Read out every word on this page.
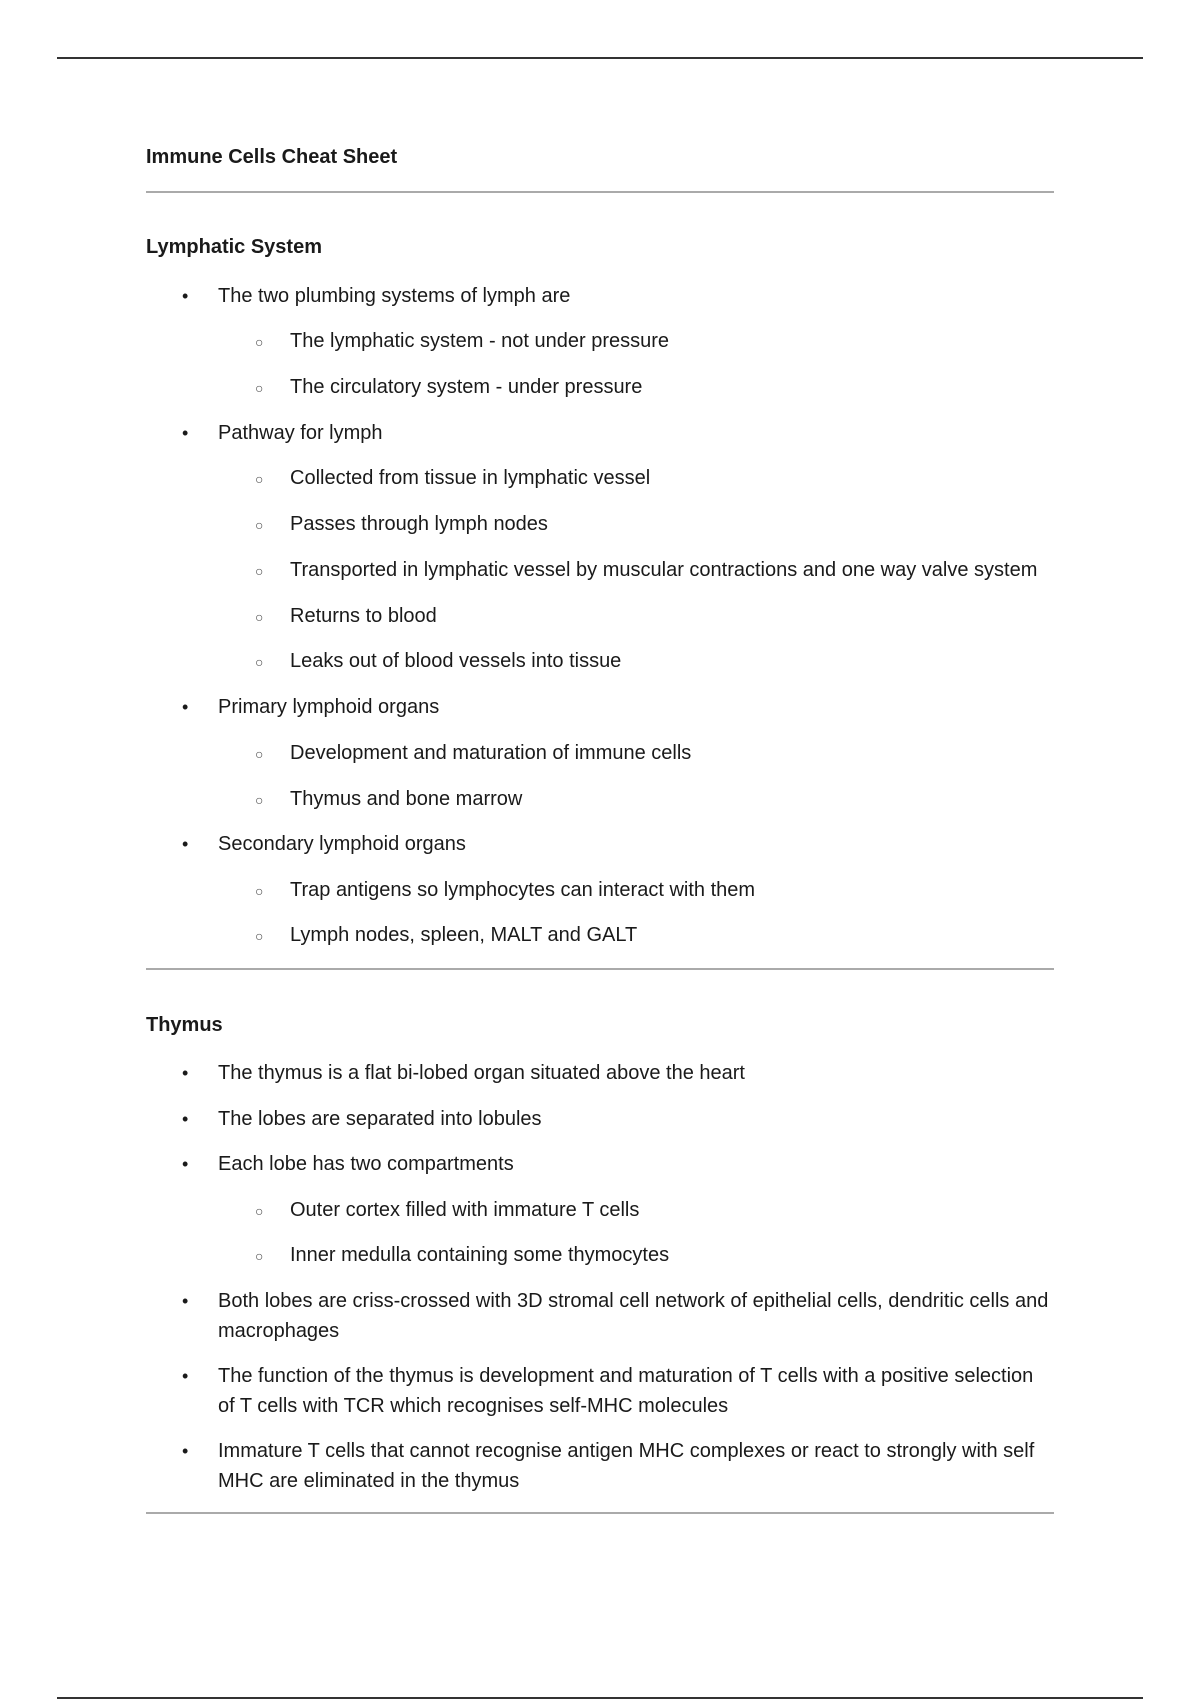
Immune Cells Cheat Sheet
Lymphatic System
• The two plumbing systems of lymph are
○ The lymphatic system - not under pressure
○ The circulatory system - under pressure
• Pathway for lymph
○ Collected from tissue in lymphatic vessel
○ Passes through lymph nodes
○ Transported in lymphatic vessel by muscular contractions and one way valve system
○ Returns to blood
○ Leaks out of blood vessels into tissue
• Primary lymphoid organs
○ Development and maturation of immune cells
○ Thymus and bone marrow
• Secondary lymphoid organs
○ Trap antigens so lymphocytes can interact with them
○ Lymph nodes, spleen, MALT and GALT
Thymus
• The thymus is a flat bi-lobed organ situated above the heart
• The lobes are separated into lobules
• Each lobe has two compartments
○ Outer cortex filled with immature T cells
○ Inner medulla containing some thymocytes
• Both lobes are criss-crossed with 3D stromal cell network of epithelial cells, dendritic cells and macrophages
• The function of the thymus is development and maturation of T cells with a positive selection of T cells with TCR which recognises self-MHC molecules
• Immature T cells that cannot recognise antigen MHC complexes or react to strongly with self MHC are eliminated in the thymus
